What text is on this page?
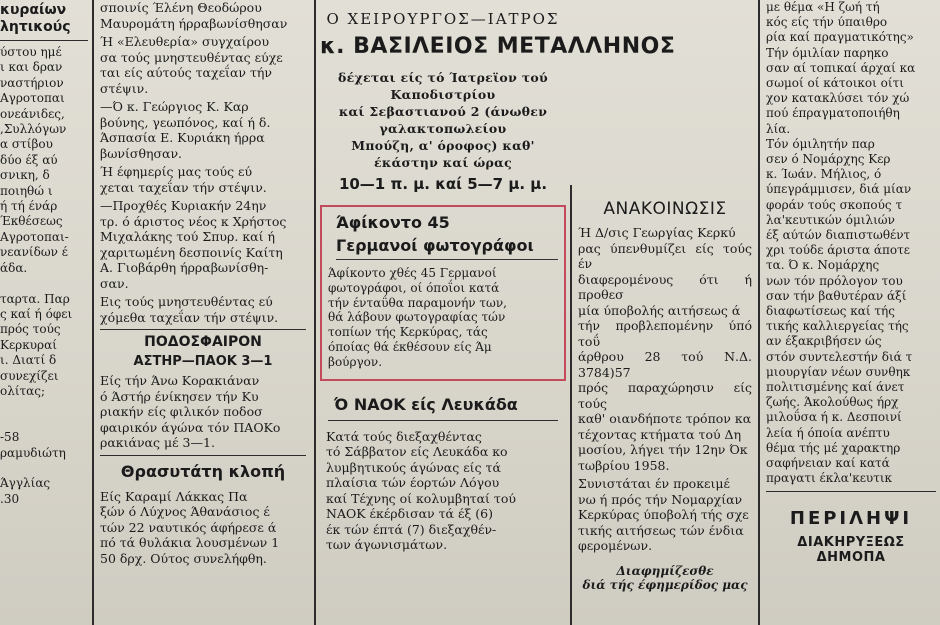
κυραίων
λητικούς
ύστου ημέ
ι και δραν
ναστήριον
Αγροτοπαι
ονεάνιδες,
,Συλλόγων
α στίβου
δύο έξ αύ
σνικη, δ
ποιηθώ ι
ή τή ένάρ
Έκθέσεως
Αγροτοπαι-
νεανίδων έ
άδα.

ταρτα. Παρ
ς καί ή όφει
πρός τούς
Κερκυραί
ι. Διατί δ
συνεχίζει
ολίτας;

-58
ραμυδιώτη

Άγγλίας
.30

σποινίς Έλένη Θεοδώρου
Μαυρομάτη ήρραβωνίσθησαν

Ή «Ελευθερία» συγχαίρου
σα τούς μνηστευθέντας εύχε
ται είς αύτούς ταχεΐαν τήν
στέψιν.

—Ό κ. Γεώργιος Κ. Καρ
βούνης, γεωπόνος, καί ή δ.
Άσπασία Ε. Κυριάκη ήρρα
βωνίσθησαν.

Ή έφημερίς μας τούς εύ
χεται ταχεΐαν τήν στέψιν.

—Προχθές Κυριακήν 24ην
τρ. ό άριστος νέος κ Χρήστος
Μιχαλάκης τού Σπυρ. καί ή
χαριτωμένη δεσποινίς Καίτη
Α. Γιοβάρθη ήρραβωνίσθη-
σαν.

Εις τούς μνηστευθέντας εύ
χόμεθα ταχεΐαν τήν στέψιν.

ΠΟΔΟΣΦΑΙΡΟΝ
ΑΣΤΗΡ—ΠΑΟΚ 3—1

Είς τήν Άνω Κορακιάναν
ό Άστήρ ένίκησεν τήν Κυ
ριακήν είς φιλικόν ποδοσ
φαιρικόν άγώνα τόν ΠΑΟΚο
ρακιάνας μέ 3—1.

Θρασυτάτη κλοπή

Είς Καραμί Λάκκας Πα
ξών ό Λύχνος Άθανάσιος έ
τών 22 ναυτικός άφήρεσε ά
πό τά θυλάκια λουσμένων 1
50 δρχ. Ούτος συνελήφθη.

Ο ΧΕΙΡΟΥΡΓΟΣ—ΙΑΤΡΟΣ
κ. ΒΑΣΙΛΕΙΟΣ ΜΕΤΑΛΛΗΝΟΣ
δέχεται είς τό Ίατρεϊον τού Καποδιστρίου
καί Σεβαστιανού 2 (άνωθεν γαλακτοπωλείου
Μπούζη, α' όροφος) καθ' έκάστην καί ώρας
10—1 π. μ. καί 5—7 μ. μ.
Άφίκοντο 45
Γερμανοί φωτογράφοι

Άφίκοντο χθές 45 Γερμανοί
φωτογράφοι, οί όποΐοι κατά
τήν ένταΰθα παραμονήν των,
θά λάβουν φωτογραφίας τών
τοπίων τής Κερκύρας, τάς
όποίας θά έκθέσουν είς Άμ
βούργον.

Ό ΝΑΟΚ είς Λευκάδα

Κατά τούς διεξαχθέντας
τό Σάββατον είς Λευκάδα κο
λυμβητικούς άγώνας είς τά
πλαίσια τών έορτών Λόγου
καί Τέχνης οί κολυμβηταί τού
ΝΑΟΚ έκέρδισαν τά έξ (6)
έκ τών έπτά (7) διεξαχθέν-
των άγωνισμάτων.

ΑΝΑΚΟΙΝΩΣΙΣ

Ή Δ/σις Γεωργίας Κερκύ
ρας ύπενθυμίζει είς τούς έν
διαφερομένους ότι ή προθεσ
μία ύποβολής αιτήσεως ά
τήν προβλεπομένην ύπό τοΰ
άρθρου 28 τού Ν.Δ. 3784)57
πρός παραχώρησιν είς τούς
καθ' οιανδήποτε τρόπον κα
τέχοντας κτήματα τού Δη
μοσίου, λήγει τήν 12ην Όκ
τωβρίου 1958.

Συνιστάται έν προκειμέ
νω ή πρός τήν Νομαρχίαν
Κερκύρας ύποβολή τής σχε
τικής αιτήσεως τών ένδια
φερομένων.

Διαφημίζεσθε
διά τής έφημερίδος μας

με θέμα «Η ζωή τή
κός είς τήν ύπαιθρο
ρία καί πραγματικότης»
Τήν όμιλίαν παρηκο
σαν αί τοπικαί άρχαί κα
σωμοί οί κάτοικοι οίτι
χον κατακλύσει τόν χώ
πού έπραγματοποιήθη
λία.
Τόν όμιλητήν παρ
σεν ό Νομάρχης Κερ
κ. Ίωάν. Μήλιος, ό
ύπεγράμμισεν, διά μίαν
φοράν τούς σκοπούς τ
λα'κευτικών όμιλιών
έξ αύτών διαπιστωθέντ
χρι τούδε άριστα άποτε
τα. Ό κ. Νομάρχης
νων τόν πρόλογον του
σαν τήν βαθυτέραν άξί
διαφωτίσεως καί τής
τικής καλλιεργείας τής
αν έξακριβήσεν ώς
στόν συντελεστήν διά τ
μιουργίαν νέων συνθηκ
πολιτισμένης καί άνετ
ζωής. Άκολούθως ήρχ
μιλοΰσα ή κ. Δεσποινί
λεία ή όποία ανέπτυ
θέμα τής μέ χαρακτηρ
σαφήνειαν καί κατά
πραγατι έκλα'κευτικ

ΠΕΡΙΛΗΨΙ
ΔΙΑΚΗΡΥΞΕΩΣ ΔΗΜΟΠΑ
